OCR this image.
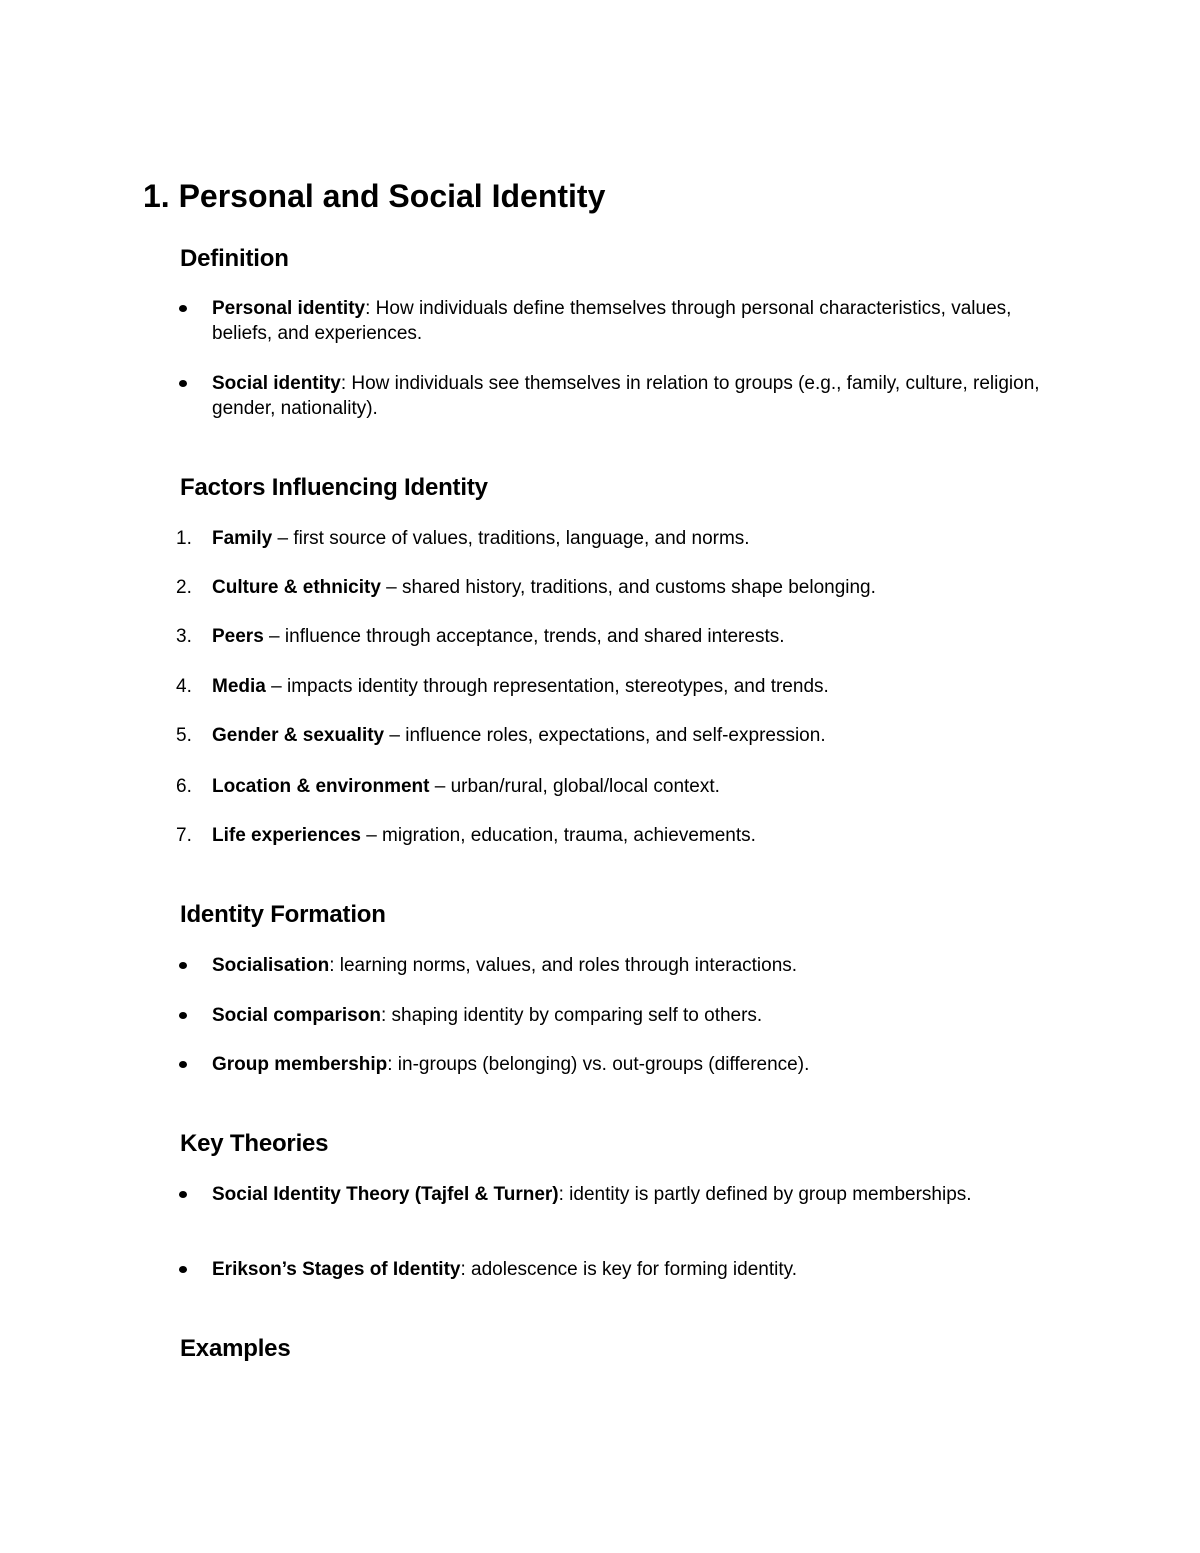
1. Personal and Social Identity
Definition
Personal identity: How individuals define themselves through personal characteristics, values, beliefs, and experiences.
Social identity: How individuals see themselves in relation to groups (e.g., family, culture, religion, gender, nationality).
Factors Influencing Identity
1.	Family – first source of values, traditions, language, and norms.
2.	Culture & ethnicity – shared history, traditions, and customs shape belonging.
3.	Peers – influence through acceptance, trends, and shared interests.
4.	Media – impacts identity through representation, stereotypes, and trends.
5.	Gender & sexuality – influence roles, expectations, and self-expression.
6.	Location & environment – urban/rural, global/local context.
7.	Life experiences – migration, education, trauma, achievements.
Identity Formation
Socialisation: learning norms, values, and roles through interactions.
Social comparison: shaping identity by comparing self to others.
Group membership: in-groups (belonging) vs. out-groups (difference).
Key Theories
Social Identity Theory (Tajfel & Turner): identity is partly defined by group memberships.
Erikson’s Stages of Identity: adolescence is key for forming identity.
Examples
